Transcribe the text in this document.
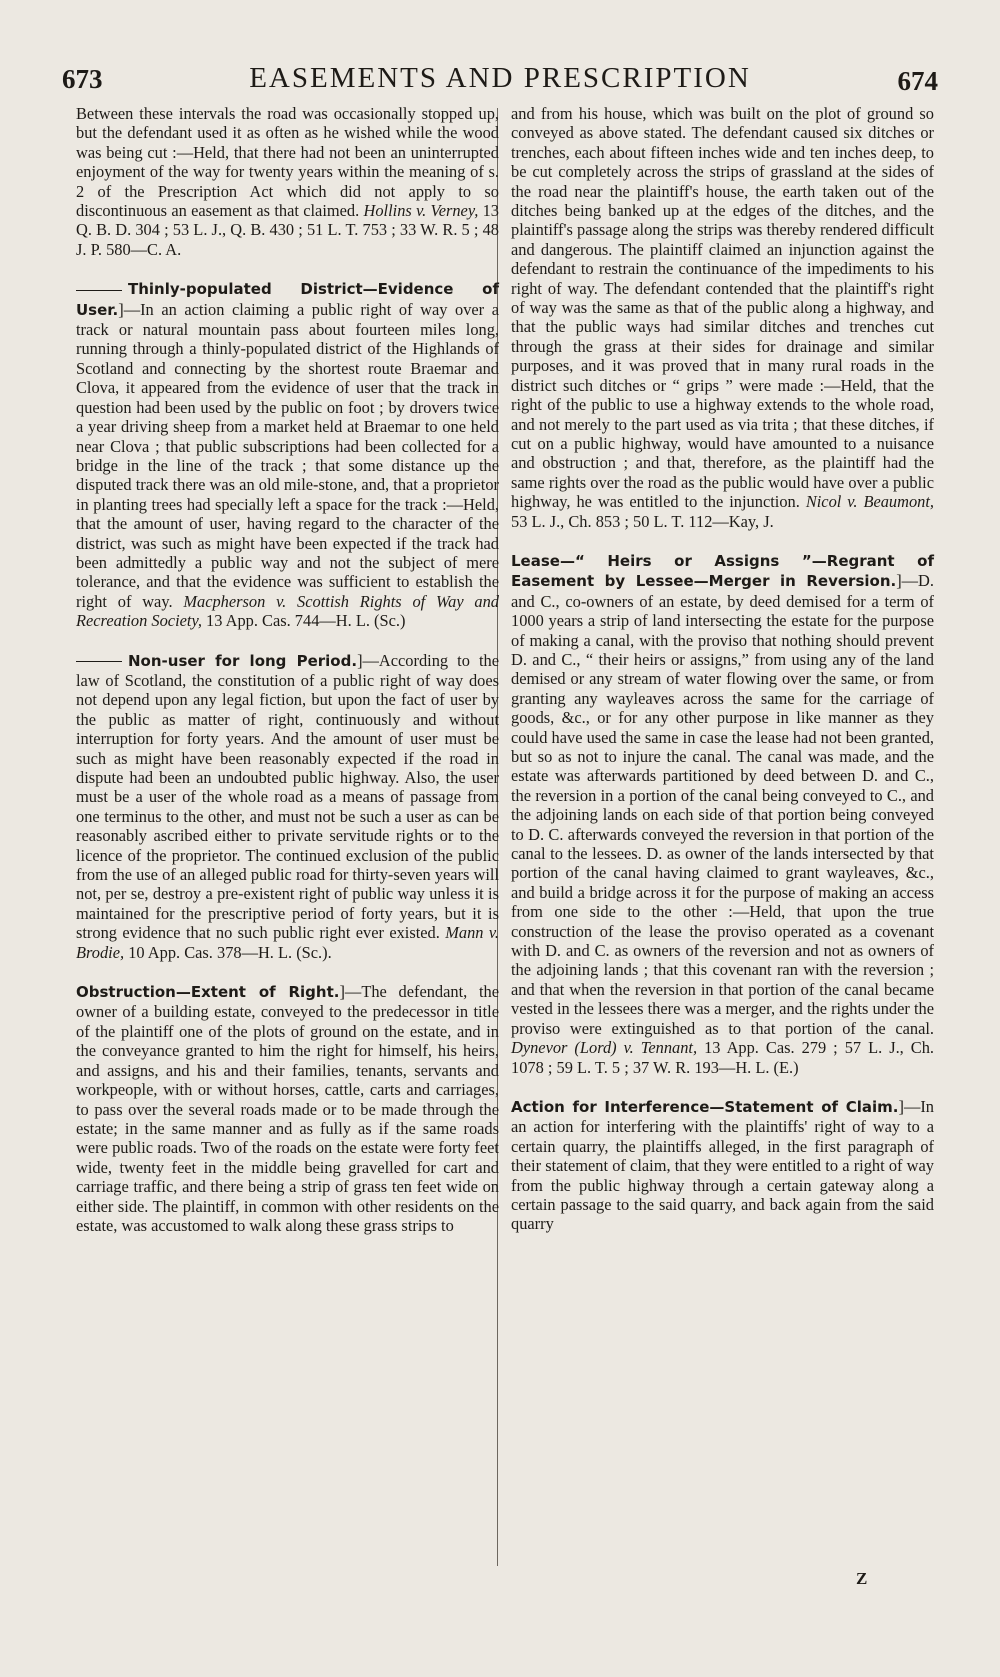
673	EASEMENTS AND PRESCRIPTION	674

Between these intervals the road was occasionally stopped up, but the defendant used it as often as he wished while the wood was being cut :—Held, that there had not been an uninterrupted enjoyment of the way for twenty years within the meaning of s. 2 of the Prescription Act which did not apply to so discontinuous an easement as that claimed. Hollins v. Verney, 13 Q. B. D. 304 ; 53 L. J., Q. B. 430 ; 51 L. T. 753 ; 33 W. R. 5 ; 48 J. P. 580—C. A.

Thinly-populated District—Evidence of User.]—In an action claiming a public right of way over a track or natural mountain pass about fourteen miles long, running through a thinly-populated district of the Highlands of Scotland and connecting by the shortest route Braemar and Clova, it appeared from the evidence of user that the track in question had been used by the public on foot ; by drovers twice a year driving sheep from a market held at Braemar to one held near Clova ; that public subscriptions had been collected for a bridge in the line of the track ; that some distance up the disputed track there was an old mile-stone, and, that a proprietor in planting trees had specially left a space for the track :—Held, that the amount of user, having regard to the character of the district, was such as might have been expected if the track had been admittedly a public way and not the subject of mere tolerance, and that the evidence was sufficient to establish the right of way. Macpherson v. Scottish Rights of Way and Recreation Society, 13 App. Cas. 744—H. L. (Sc.)

Non-user for long Period.]—According to the law of Scotland, the constitution of a public right of way does not depend upon any legal fiction, but upon the fact of user by the public as matter of right, continuously and without interruption for forty years. And the amount of user must be such as might have been reasonably expected if the road in dispute had been an undoubted public highway. Also, the user must be a user of the whole road as a means of passage from one terminus to the other, and must not be such a user as can be reasonably ascribed either to private servitude rights or to the licence of the proprietor. The continued exclusion of the public from the use of an alleged public road for thirty-seven years will not, per se, destroy a pre-existent right of public way unless it is maintained for the prescriptive period of forty years, but it is strong evidence that no such public right ever existed. Mann v. Brodie, 10 App. Cas. 378—H. L. (Sc.).

Obstruction—Extent of Right.]—The defendant, the owner of a building estate, conveyed to the predecessor in title of the plaintiff one of the plots of ground on the estate, and in the conveyance granted to him the right for himself, his heirs, and assigns, and his and their families, tenants, servants and workpeople, with or without horses, cattle, carts and carriages, to pass over the several roads made or to be made through the estate; in the same manner and as fully as if the same roads were public roads. Two of the roads on the estate were forty feet wide, twenty feet in the middle being gravelled for cart and carriage traffic, and there being a strip of grass ten feet wide on either side. The plaintiff, in common with other residents on the estate, was accustomed to walk along these grass strips to

and from his house, which was built on the plot of ground so conveyed as above stated. The defendant caused six ditches or trenches, each about fifteen inches wide and ten inches deep, to be cut completely across the strips of grassland at the sides of the road near the plaintiff's house, the earth taken out of the ditches being banked up at the edges of the ditches, and the plaintiff's passage along the strips was thereby rendered difficult and dangerous. The plaintiff claimed an injunction against the defendant to restrain the continuance of the impediments to his right of way. The defendant contended that the plaintiff's right of way was the same as that of the public along a highway, and that the public ways had similar ditches and trenches cut through the grass at their sides for drainage and similar purposes, and it was proved that in many rural roads in the district such ditches or “ grips ” were made :—Held, that the right of the public to use a highway extends to the whole road, and not merely to the part used as via trita ; that these ditches, if cut on a public highway, would have amounted to a nuisance and obstruction ; and that, therefore, as the plaintiff had the same rights over the road as the public would have over a public highway, he was entitled to the injunction. Nicol v. Beaumont, 53 L. J., Ch. 853 ; 50 L. T. 112—Kay, J.

Lease—“ Heirs or Assigns ”—Regrant of Easement by Lessee—Merger in Reversion.]—D. and C., co-owners of an estate, by deed demised for a term of 1000 years a strip of land intersecting the estate for the purpose of making a canal, with the proviso that nothing should prevent D. and C., “ their heirs or assigns,” from using any of the land demised or any stream of water flowing over the same, or from granting any wayleaves across the same for the carriage of goods, &c., or for any other purpose in like manner as they could have used the same in case the lease had not been granted, but so as not to injure the canal. The canal was made, and the estate was afterwards partitioned by deed between D. and C., the reversion in a portion of the canal being conveyed to C., and the adjoining lands on each side of that portion being conveyed to D. C. afterwards conveyed the reversion in that portion of the canal to the lessees. D. as owner of the lands intersected by that portion of the canal having claimed to grant wayleaves, &c., and build a bridge across it for the purpose of making an access from one side to the other :—Held, that upon the true construction of the lease the proviso operated as a covenant with D. and C. as owners of the reversion and not as owners of the adjoining lands ; that this covenant ran with the reversion ; and that when the reversion in that portion of the canal became vested in the lessees there was a merger, and the rights under the proviso were extinguished as to that portion of the canal. Dynevor (Lord) v. Tennant, 13 App. Cas. 279 ; 57 L. J., Ch. 1078 ; 59 L. T. 5 ; 37 W. R. 193—H. L. (E.)

Action for Interference—Statement of Claim.]—In an action for interfering with the plaintiffs' right of way to a certain quarry, the plaintiffs alleged, in the first paragraph of their statement of claim, that they were entitled to a right of way from the public highway through a certain gateway along a certain passage to the said quarry, and back again from the said quarry

Z
